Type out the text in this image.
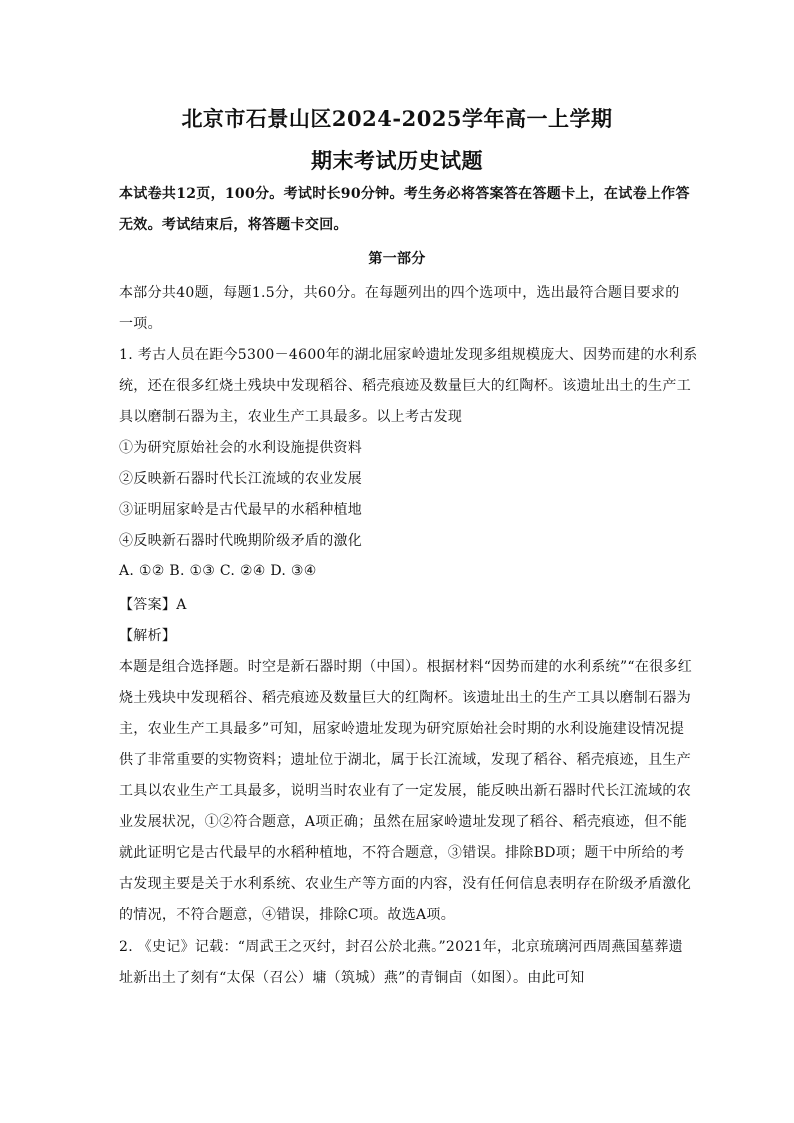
北京市石景山区2024-2025学年高一上学期
期末考试历史试题
本试卷共12页，100分。考试时长90分钟。考生务必将答案答在答题卡上，在试卷上作答
无效。考试结束后，将答题卡交回。
第一部分
本部分共40题，每题1.5分，共60分。在每题列出的四个选项中，选出最符合题目要求的
一项。
1. 考古人员在距今5300－4600年的湖北屈家岭遗址发现多组规模庞大、因势而建的水利系
统，还在很多红烧土残块中发现稻谷、稻壳痕迹及数量巨大的红陶杯。该遗址出土的生产工
具以磨制石器为主，农业生产工具最多。以上考古发现
①为研究原始社会的水利设施提供资料
②反映新石器时代长江流域的农业发展
③证明屈家岭是古代最早的水稻种植地
④反映新石器时代晚期阶级矛盾的激化
A. ①② B. ①③ C. ②④ D. ③④
【答案】A
【解析】
本题是组合选择题。时空是新石器时期（中国）。根据材料“因势而建的水利系统”“在很多红
烧土残块中发现稻谷、稻壳痕迹及数量巨大的红陶杯。该遗址出土的生产工具以磨制石器为
主，农业生产工具最多”可知，屈家岭遗址发现为研究原始社会时期的水利设施建设情况提
供了非常重要的实物资料；遗址位于湖北，属于长江流域，发现了稻谷、稻壳痕迹，且生产
工具以农业生产工具最多，说明当时农业有了一定发展，能反映出新石器时代长江流域的农
业发展状况，①②符合题意，A项正确；虽然在屈家岭遗址发现了稻谷、稻壳痕迹，但不能
就此证明它是古代最早的水稻种植地，不符合题意，③错误。排除BD项；题干中所给的考
古发现主要是关于水利系统、农业生产等方面的内容，没有任何信息表明存在阶级矛盾激化
的情况，不符合题意，④错误，排除C项。故选A项。
2. 《史记》记载：“周武王之灭纣，封召公於北燕。”2021年，北京琉璃河西周燕国墓葬遗
址新出土了刻有“太保（召公）墉（筑城）燕”的青铜卣（如图）。由此可知
